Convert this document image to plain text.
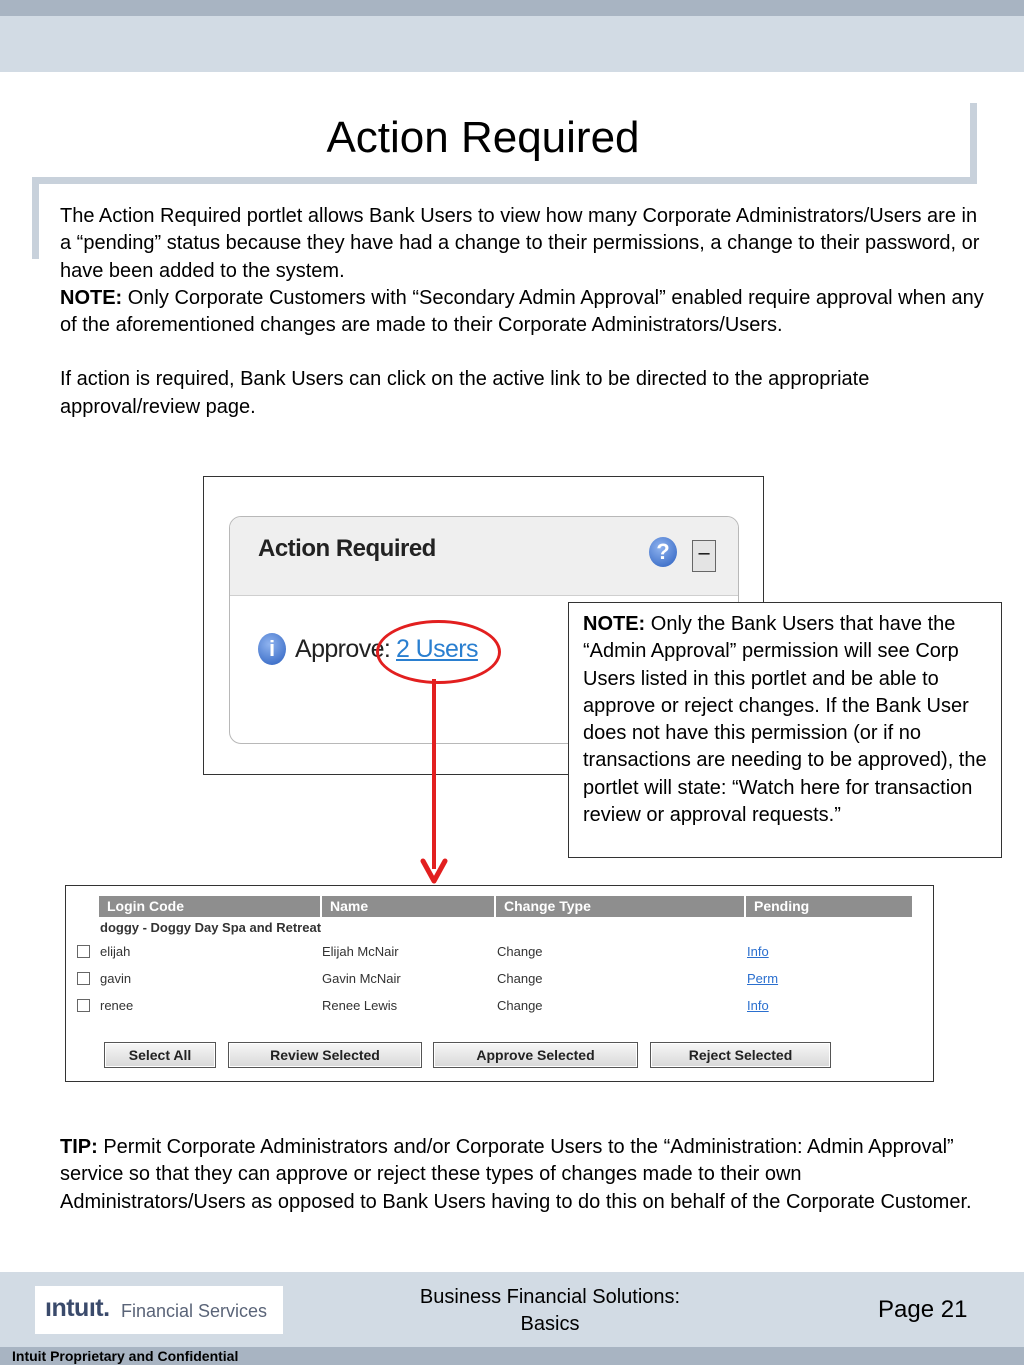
Action Required

The Action Required portlet allows Bank Users to view how many Corporate Administrators/Users are in a “pending” status because they have had a change to their permissions, a change to their password, or have been added to the system.

NOTE: Only Corporate Customers with “Secondary Admin Approval” enabled require approval when any of the aforementioned changes are made to their Corporate Administrators/Users.

If action is required, Bank Users can click on the active link to be directed to the appropriate approval/review page.

Action Required	?	–
i Approve: 2 Users
NOTE: Only the Bank Users that have the “Admin Approval” permission will see Corp Users listed in this portlet and be able to approve or reject changes. If the Bank User does not have this permission (or if no transactions are needing to be approved), the portlet will state: “Watch here for transaction review or approval requests.”
Login Code	Name	Change Type	Pending
doggy - Doggy Day Spa and Retreat
elijah	Elijah McNair	Change	Info
gavin	Gavin McNair	Change	Perm
renee	Renee Lewis	Change	Info
Select All	Review Selected	Approve Selected	Reject Selected
TIP: Permit Corporate Administrators and/or Corporate Users to the “Administration: Admin Approval” service so that they can approve or reject these types of changes made to their own Administrators/Users as opposed to Bank Users having to do this on behalf of the Corporate Customer.
ıntuıt. Financial Services
Business Financial Solutions:
Basics
Page 21
Intuit Proprietary and Confidential
